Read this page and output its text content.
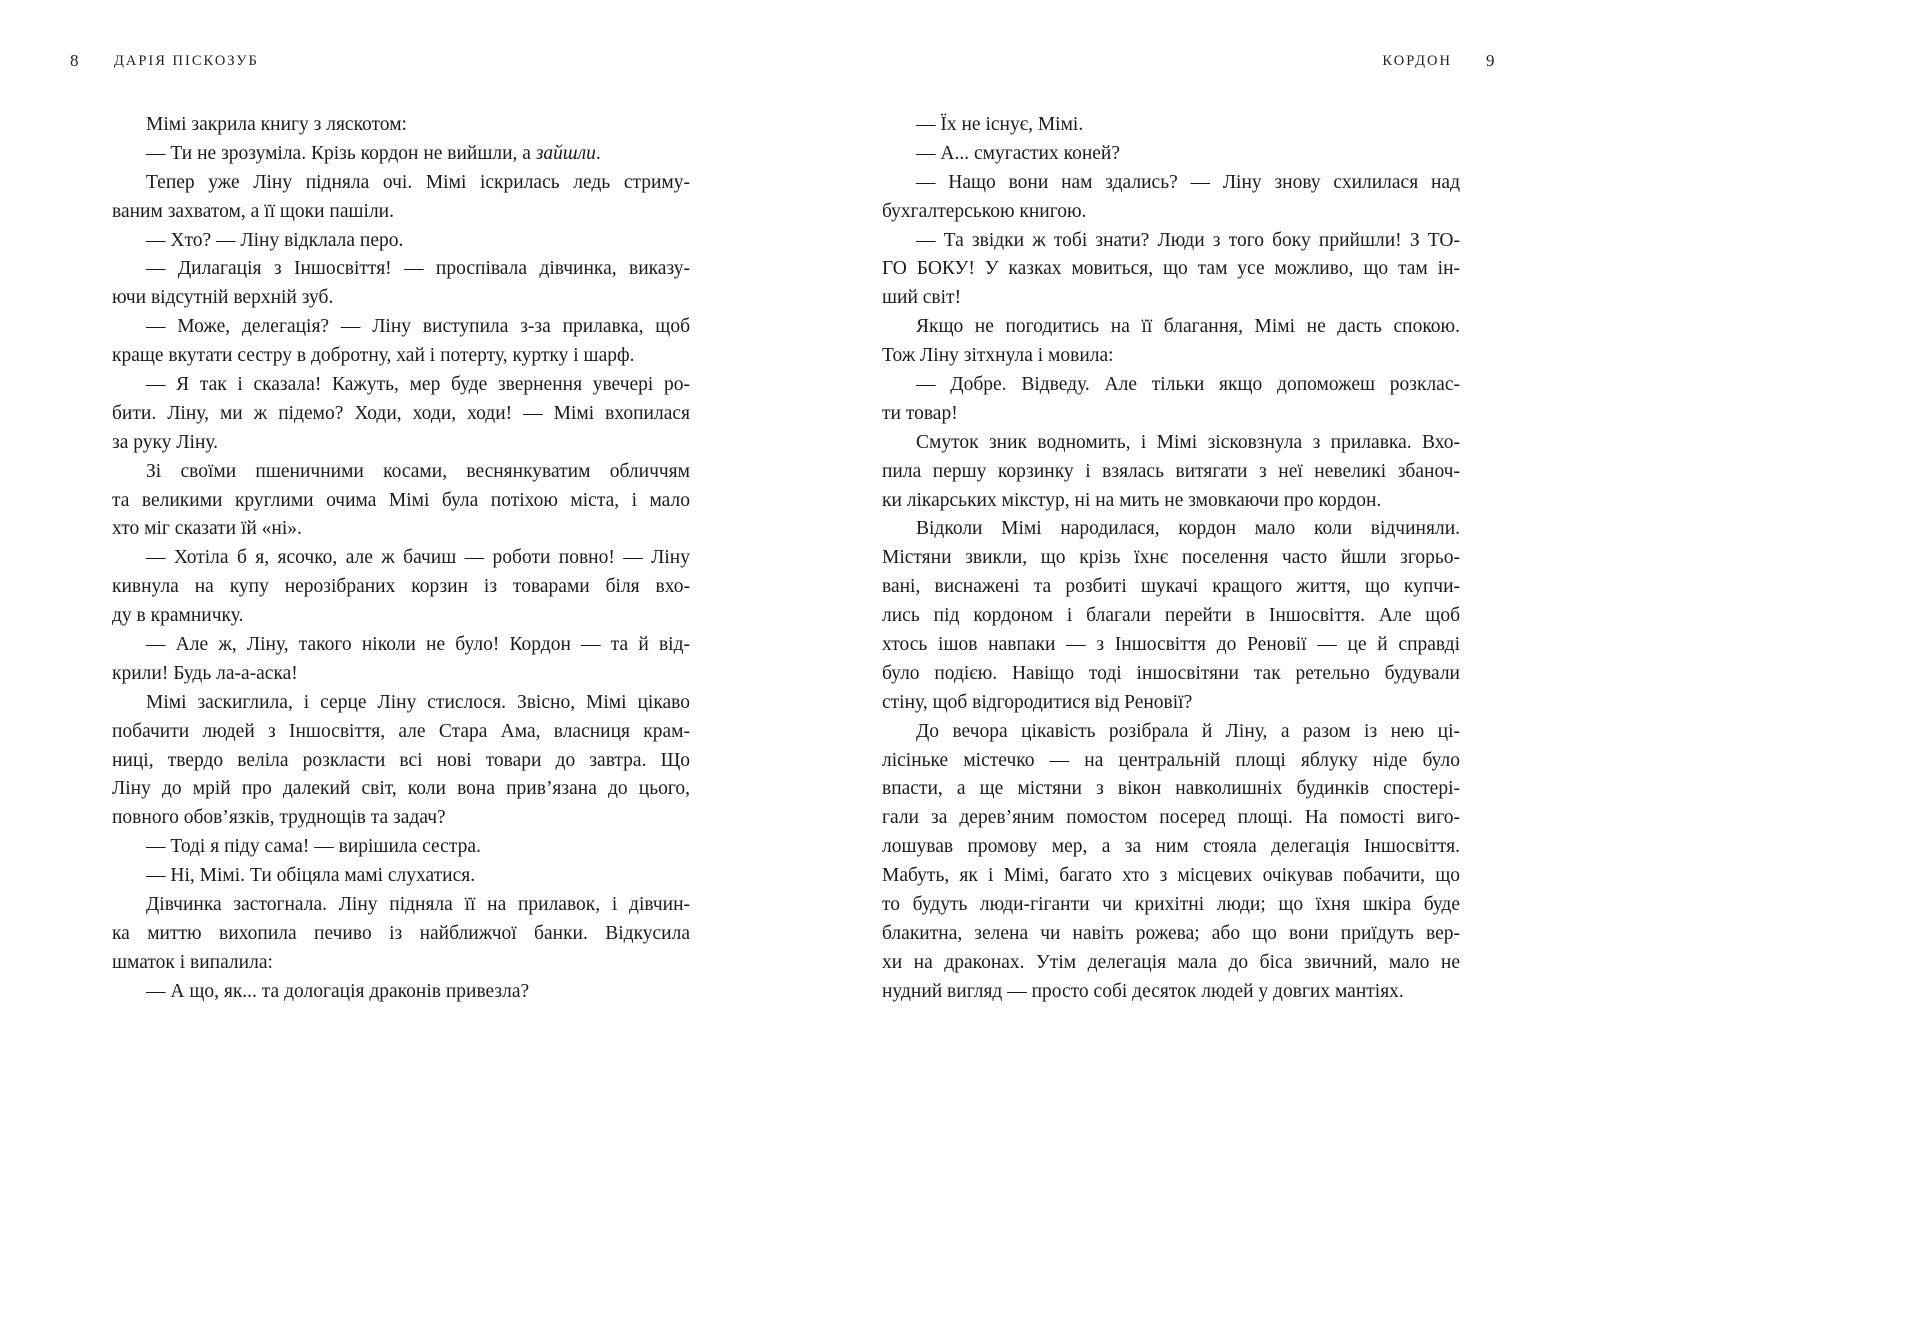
8 ДАРІЯ ПІСКОЗУБ	КОРДОН 9
Мімі закрила книгу з ляскотом:
— Ти не зрозуміла. Крізь кордон не вийшли, а зайшли.
Тепер уже Ліну підняла очі. Мімі іскрилась ледь стриму-
ваним захватом, а її щоки пашіли.
— Хто? — Ліну відклала перо.
— Дилагація з Іншосвіття! — проспівала дівчинка, виказу-
ючи відсутній верхній зуб.
— Може, делегація? — Ліну виступила з-за прилавка, щоб
краще вкутати сестру в добротну, хай і потерту, куртку і шарф.
— Я так і сказала! Кажуть, мер буде звернення увечері ро-
бити. Ліну, ми ж підемо? Ходи, ходи, ходи! — Мімі вхопилася
за руку Ліну.
Зі своїми пшеничними косами, веснянкуватим обличчям
та великими круглими очима Мімі була потіхою міста, і мало
хто міг сказати їй «ні».
— Хотіла б я, ясочко, але ж бачиш — роботи повно! — Ліну
кивнула на купу нерозібраних корзин із товарами біля вхо-
ду в крамничку.
— Але ж, Ліну, такого ніколи не було! Кордон — та й від-
крили! Будь ла-а-аска!
Мімі заскиглила, і серце Ліну стислося. Звісно, Мімі цікаво
побачити людей з Іншосвіття, але Стара Ама, власниця крам-
ниці, твердо веліла розкласти всі нові товари до завтра. Що
Ліну до мрій про далекий світ, коли вона прив’язана до цього,
повного обов’язків, труднощів та задач?
— Тоді я піду сама! — вирішила сестра.
— Ні, Мімі. Ти обіцяла мамі слухатися.
Дівчинка застогнала. Ліну підняла її на прилавок, і дівчин-
ка миттю вихопила печиво із найближчої банки. Відкусила
шматок і випалила:
— А що, як... та дологація драконів привезла?
— Їх не існує, Мімі.
— А... смугастих коней?
— Нащо вони нам здались? — Ліну знову схилилася над
бухгалтерською книгою.
— Та звідки ж тобі знати? Люди з того боку прийшли! З ТО-
ГО БОКУ! У казках мовиться, що там усе можливо, що там ін-
ший світ!
Якщо не погодитись на її благання, Мімі не дасть спокою.
Тож Ліну зітхнула і мовила:
— Добре. Відведу. Але тільки якщо допоможеш розклас-
ти товар!
Смуток зник водномить, і Мімі зісковзнула з прилавка. Вхо-
пила першу корзинку і взялась витягати з неї невеликі збаноч-
ки лікарських мікстур, ні на мить не змовкаючи про кордон.
Відколи Мімі народилася, кордон мало коли відчиняли.
Містяни звикли, що крізь їхнє поселення часто йшли згорьо-
вані, виснажені та розбиті шукачі кращого життя, що купчи-
лись під кордоном і благали перейти в Іншосвіття. Але щоб
хтось ішов навпаки — з Іншосвіття до Реновії — це й справді
було подією. Навіщо тоді іншосвітяни так ретельно будували
стіну, щоб відгородитися від Реновії?
До вечора цікавість розібрала й Ліну, а разом із нею ці-
лісіньке містечко — на центральній площі яблуку ніде було
впасти, а ще містяни з вікон навколишніх будинків спостері-
гали за дерев’яним помостом посеред площі. На помості виго-
лошував промову мер, а за ним стояла делегація Іншосвіття.
Мабуть, як і Мімі, багато хто з місцевих очікував побачити, що
то будуть люди-гіганти чи крихітні люди; що їхня шкіра буде
блакитна, зелена чи навіть рожева; або що вони приїдуть вер-
хи на драконах. Утім делегація мала до біса звичний, мало не
нудний вигляд — просто собі десяток людей у довгих мантіях.
